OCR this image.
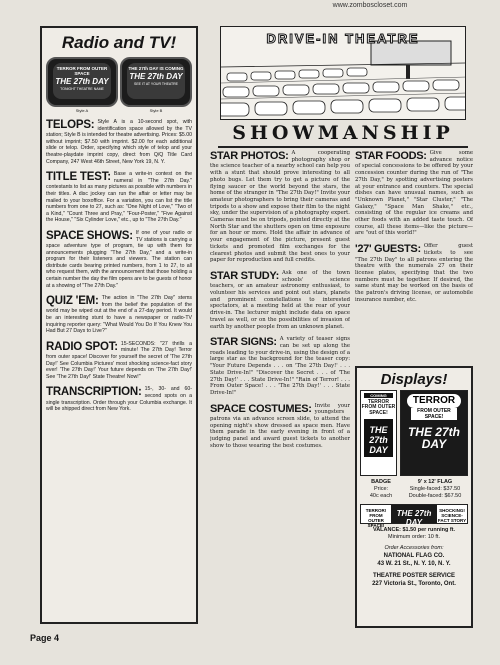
www.zomboscloset.com
Radio and TV!
TERROR FROM OUTER SPACE
THE 27th DAY
TONIGHT THEATRE NAME
Style A
THE 27th DAY IS COMING
THE 27th DAY
SEE IT AT YOUR THEATRE
Style B
TELOPS: Style A is a 10-second spot, with identification space allowed by the TV station; Style B is intended for theatre advertising. Prices: $5.00 without imprint; $7.50 with imprint. $2.00 for each additional slide or telop. Order, specifying which style of telop and your theatre-playdate imprint copy, direct from Q/Q Title Card Company, 247 West 46th Street, New York 19, N. Y.
TITLE TEST: Base a write-in contest on the numeral in "The 27th Day." contestants to list as many pictures as possible with numbers in their titles. A disc jockey can run the affair or letter may be mailed to your boxoffice. For a variation, you can list the title numbers from one to 27, such as: "One Night of Love," "Two of a Kind," "Count Three and Pray," "Four-Poster," "Five Against the House," "Six Cylinder Love," etc., up to "The 27th Day."
SPACE SHOWS: If one of your radio or TV stations is carrying a space adventure type of program, tie up with them for announcements plugging "The 27th Day," and a write-in program for their listeners and viewers. The station can distribute cards bearing printed numbers, from 1 to 27, to all who request them, with the announcement that those holding a certain number the day the film opens are to be guests of honor at a showing of "The 27th Day."
QUIZ 'EM: The action in "The 27th Day" stems from the belief the population of the world may be wiped out at the end of a 27-day period. It would be an interesting stunt to have a newspaper or radio-TV inquiring reporter query: "What Would You Do If You Knew You Had But 27 Days to Live?"
RADIO SPOT: 15-SECONDS: "27 thrills a minute! The 27th Day! Terror from outer space! Discover for yourself the secret of 'The 27th Day!' See Columbia Pictures' most shocking science-fact story ever! 'The 27th Day!' Your future depends on 'The 27th Day!' See 'The 27th Day!' State Theatre! Now!"
TRANSCRIPTION: 15-, 30- and 60-second spots on a single transcription. Order through your Columbia exchange. It will be shipped direct from New York.
Page 4
DRIVE-IN THEATRE
SHOWMANSHIP
STAR PHOTOS: A cooperating photography shop or the science teacher of a nearby school can help you with a stunt that should prove interesting to all photo bugs. Let them try to get a picture of the flying saucer or the world beyond the stars, the home of the stranger in "The 27th Day!" Invite your amateur photographers to bring their cameras and tripods to a show and expose their film to the night sky, under the supervision of a photography expert. Cameras must be on tripods, pointed directly at the North Star and the shutters open on time exposure for an hour or more. Hold the affair in advance of your engagement of the picture, present guest tickets and promoted film exchanges for the clearest photos and submit the best ones to your paper for reproduction and full credits.
STAR STUDY: Ask one of the town schools' science teachers, or an amateur astronomy enthusiast, to volunteer his services and point out stars, planets and prominent constellations to interested spectators, at a meeting held at the rear of your drive-in. The lecturer might include data on space travel as well, or on the possibilities of invasion of earth by another people from an unknown planet.
STAR SIGNS: A variety of teaser signs can be set up along the roads leading to your drive-in, using the design of a large star as the background for the teaser copy: "Your Future Depends . . . on 'The 27th Day!' . . . State Drive-In!" "Discover the Secret . . . of 'The 27th Day!' . . . State Drive-In!" "Rain of Terror! . . . From Outer Space! . . . 'The 27th Day!' . . . State Drive-In!"
SPACE COSTUMES: Invite your youngsters patrons via an advance screen slide, to attend the opening night's show dressed as space men. Have them parade in the early evening in front of a judging panel and award guest tickets to another show to those wearing the best costumes.
STAR FOODS: Give some advance notice of special concessions to be offered by your concession counter during the run of "The 27th Day," by spotting advertising posters at your entrance and counters. The special dishes can have unusual names, such as "Unknown Planet," "Star Cluster," "The Galaxy," "Space Man Shake," etc., consisting of the regular ice creams and other foods with an added taste touch. Of course, all these items—like the picture—are "out of this world!"
'27' GUESTS: Offer guest tickets to see "The 27th Day" to all patrons entering the theatre with the numerals 27 on their license plates, specifying that the two numbers must be together. If desired, the same stunt may be worked on the basis of the patron's driving license, or automobile insurance number, etc.
Displays!
COMING
TERROR FROM OUTER SPACE!
THE 27th DAY
TERROR
FROM OUTER SPACE!
THE 27th DAY
BADGE
Price:
40c each
9' x 12' FLAG
Single-faced: $37.50
Double-faced: $67.50
TERROR! FROM OUTER SPACE!
THE 27th DAY
SHOCKING! SCIENCE-FACT STORY
VALANCE: $1.50 per running ft.
Minimum order: 10 ft.
Order Accessories from:
NATIONAL FLAG CO.
43 W. 21 St., N. Y. 10, N. Y.
THEATRE POSTER SERVICE
227 Victoria St., Toronto, Ont.
